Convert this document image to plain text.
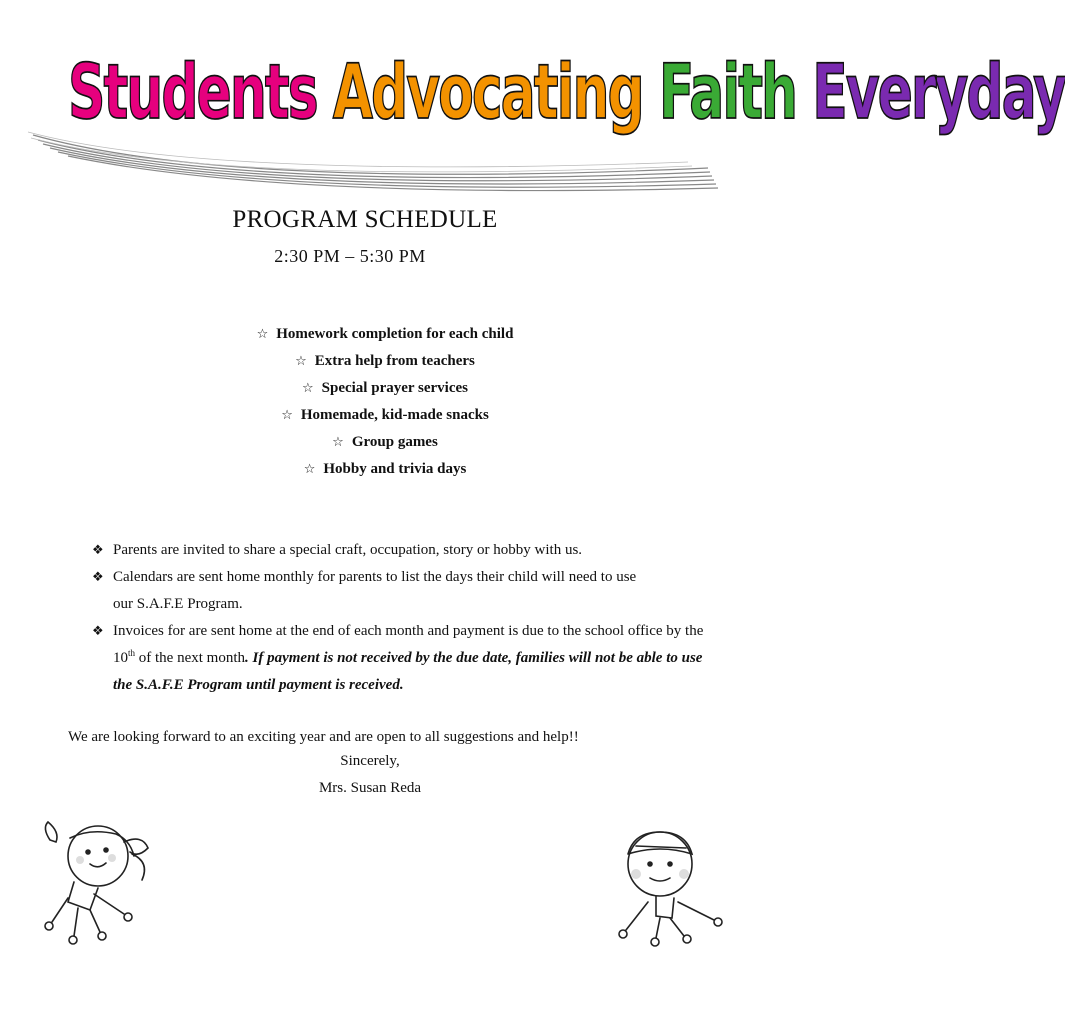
Students Advocating Faith Everyday
PROGRAM SCHEDULE
2:30 PM – 5:30 PM
☆ Homework completion for each child
☆ Extra help from teachers
☆ Special prayer services
☆ Homemade, kid-made snacks
☆ Group games
☆ Hobby and trivia days
❖ Parents are invited to share a special craft, occupation, story or hobby with us.
❖ Calendars are sent home monthly for parents to list the days their child will need to use
our S.A.F.E Program.
❖ Invoices for are sent home at the end of each month and payment is due to the school office by the
10th of the next month. If payment is not received by the due date, families will not be able to use
the S.A.F.E Program until payment is received.
We are looking forward to an exciting year and are open to all suggestions and help!!
Sincerely,
Mrs. Susan Reda
